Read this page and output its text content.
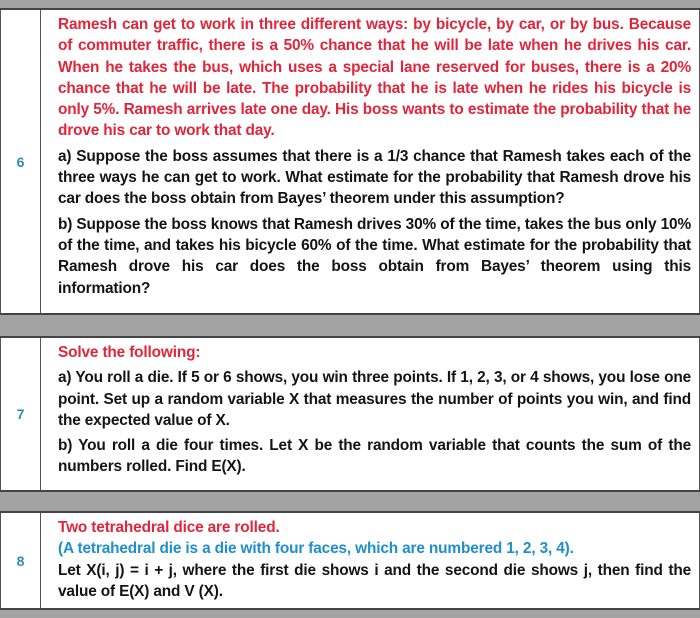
6

Ramesh can get to work in three different ways: by bicycle, by car, or by bus. Because of commuter traffic, there is a 50% chance that he will be late when he drives his car. When he takes the bus, which uses a special lane reserved for buses, there is a 20% chance that he will be late. The probability that he is late when he rides his bicycle is only 5%. Ramesh arrives late one day. His boss wants to estimate the probability that he drove his car to work that day.

a) Suppose the boss assumes that there is a 1/3 chance that Ramesh takes each of the three ways he can get to work. What estimate for the probability that Ramesh drove his car does the boss obtain from Bayes’ theorem under this assumption?

b) Suppose the boss knows that Ramesh drives 30% of the time, takes the bus only 10% of the time, and takes his bicycle 60% of the time. What estimate for the probability that Ramesh drove his car does the boss obtain from Bayes’ theorem using this information?

7

Solve the following:

a) You roll a die. If 5 or 6 shows, you win three points. If 1, 2, 3, or 4 shows, you lose one point. Set up a random variable X that measures the number of points you win, and find the expected value of X.

b) You roll a die four times. Let X be the random variable that counts the sum of the numbers rolled. Find E(X).

8

Two tetrahedral dice are rolled.

(A tetrahedral die is a die with four faces, which are numbered 1, 2, 3, 4).

Let X(i, j) = i + j, where the first die shows i and the second die shows j, then find the value of E(X) and V (X).
